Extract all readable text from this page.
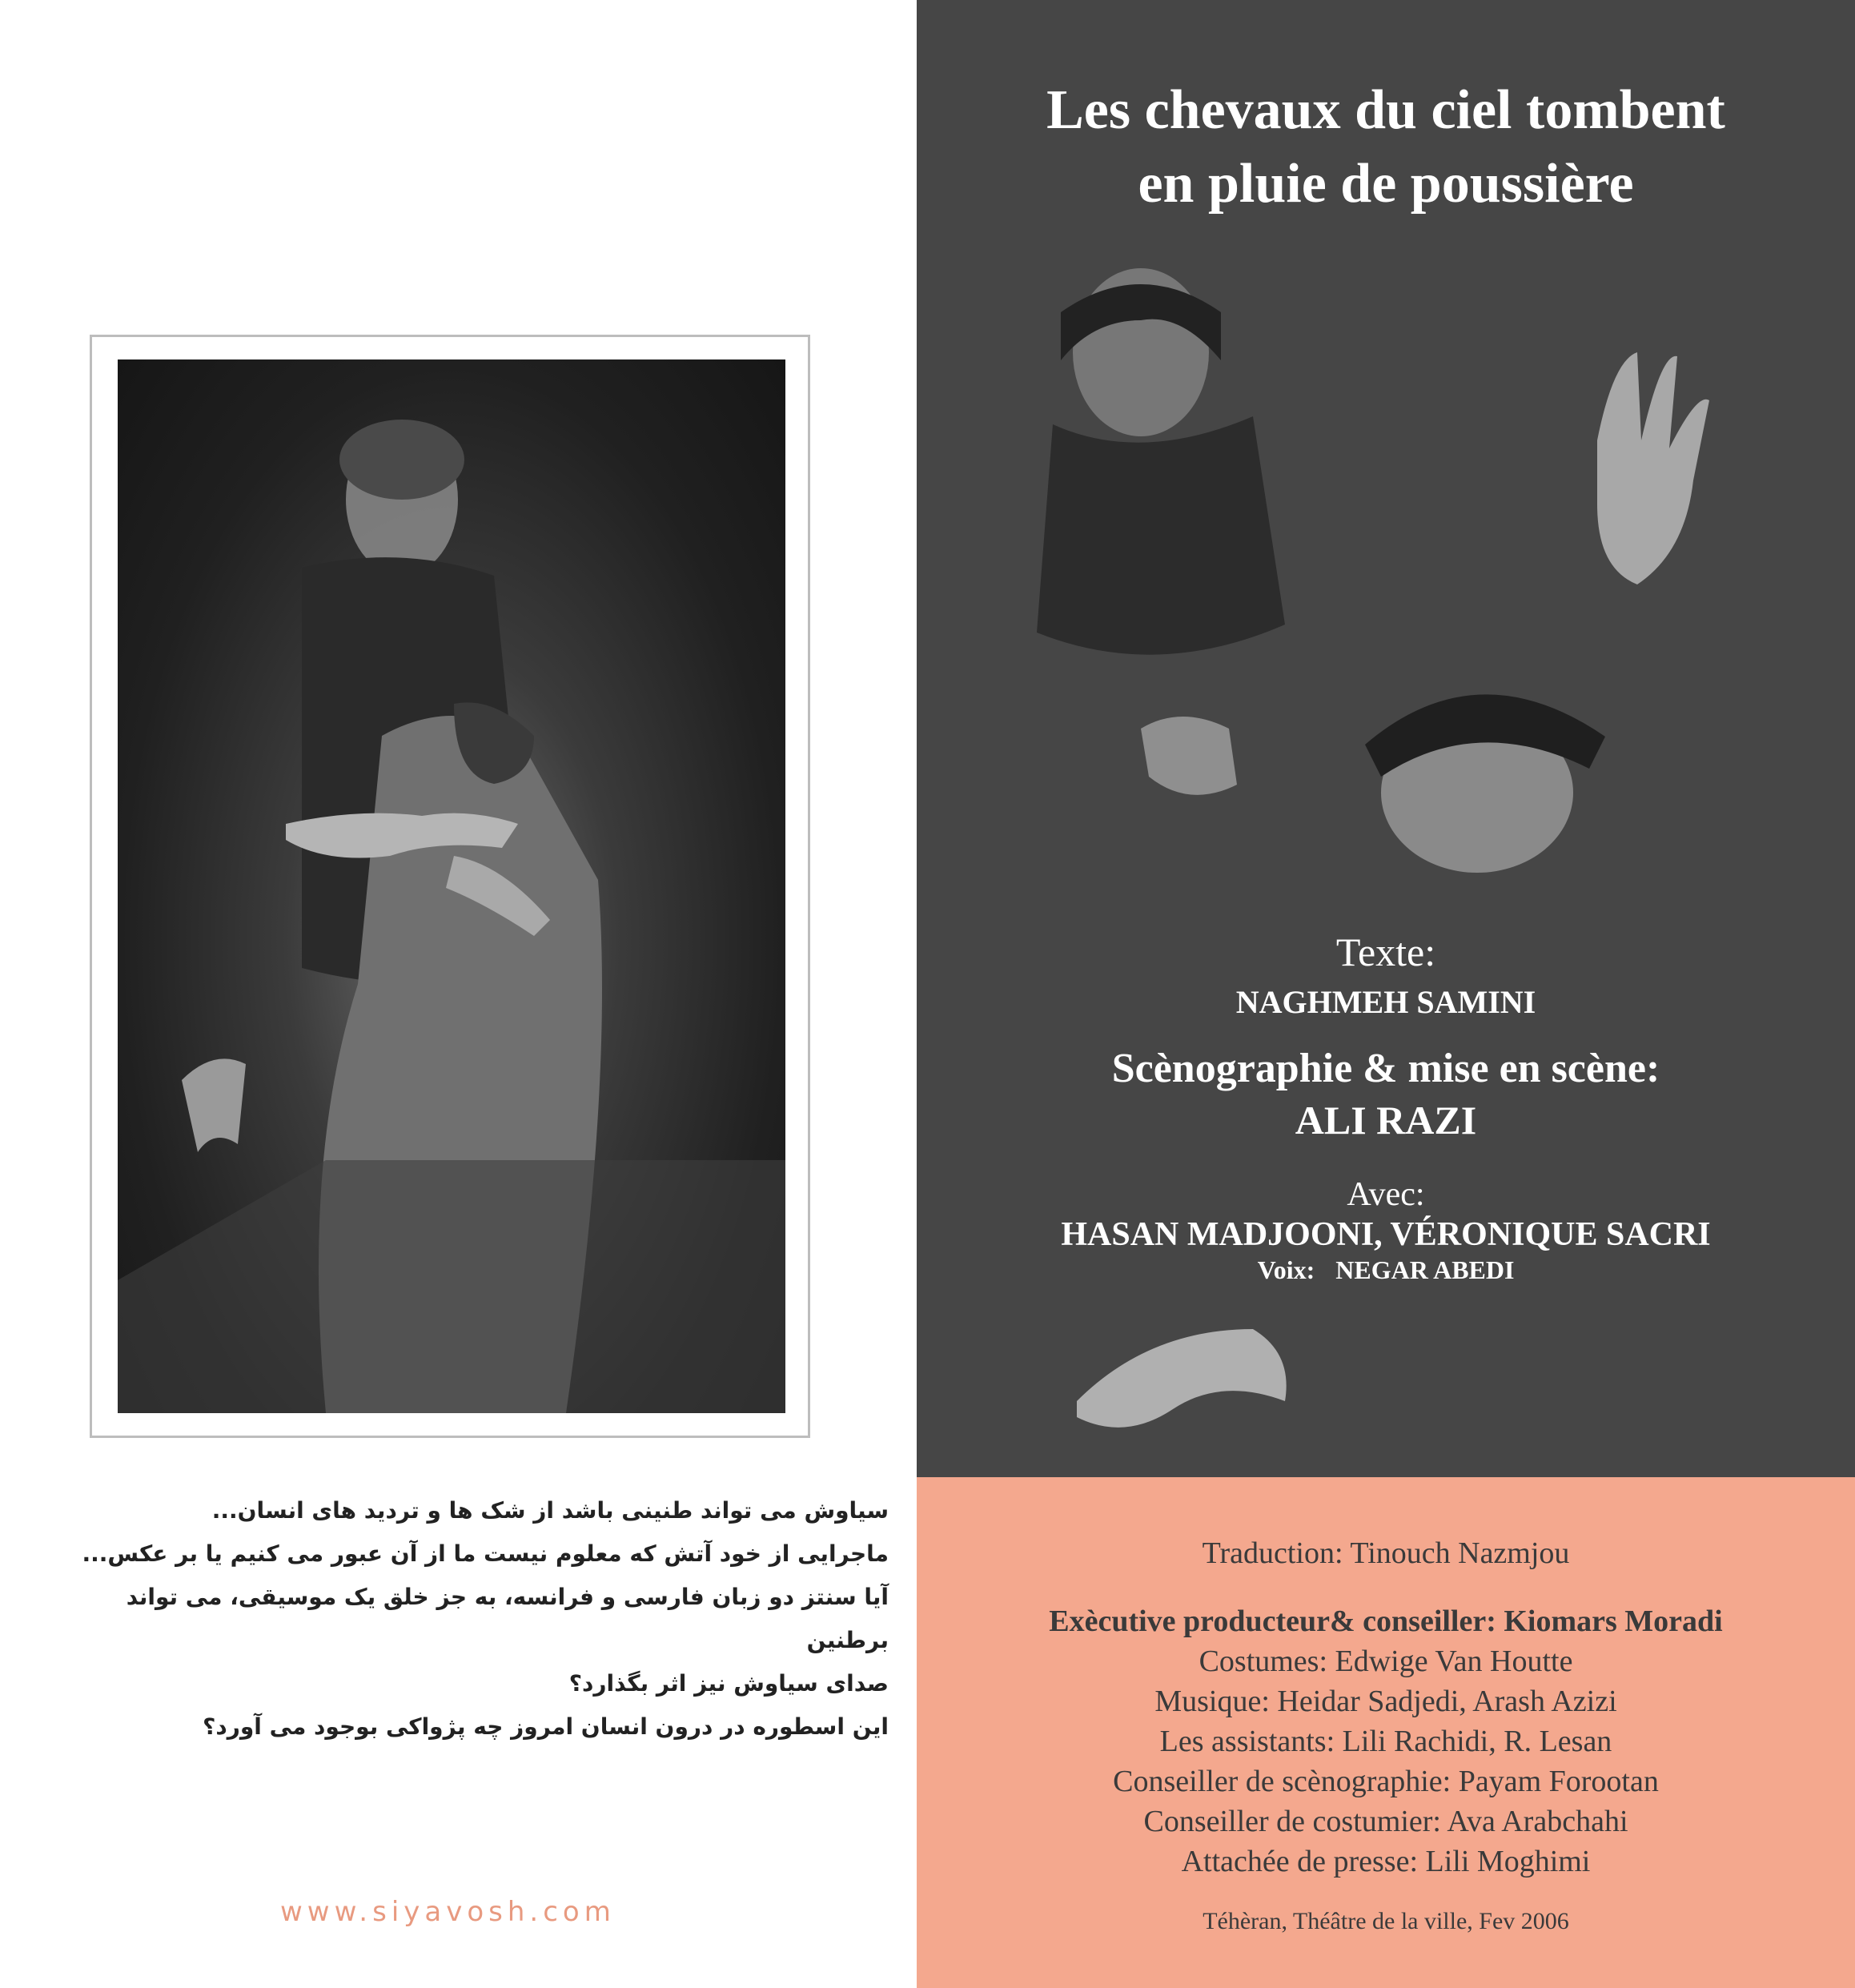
سیاوش می تواند طنینی باشد از شک ها و تردید های انسان...

ماجرایی از خود آتش که معلوم نیست ما از آن عبور می کنیم یا بر عکس...

آیا سنتز دو زبان فارسی و فرانسه، به جز خلق یک موسیقی، می تواند برطنین

صدای سیاوش نیز اثر بگذارد؟

این اسطوره در درون انسان امروز چه پژواکی بوجود می آورد؟

www.siyavosh.com
Les chevaux du ciel tombent
en pluie de poussière
Texte:
NAGHMEH SAMINI
Scènographie & mise en scène:
ALI RAZI
Avec:
HASAN MADJOONI, VÉRONIQUE SACRI
Voix: NEGAR ABEDI
Traduction: Tinouch Nazmjou
Exècutive producteur& conseiller: Kiomars Moradi
Costumes: Edwige Van Houtte
Musique: Heidar Sadjedi, Arash Azizi
Les assistants: Lili Rachidi, R. Lesan
Conseiller de scènographie: Payam Forootan
Conseiller de costumier: Ava Arabchahi
Attachée de presse: Lili Moghimi
Téhèran, Théâtre de la ville, Fev 2006
